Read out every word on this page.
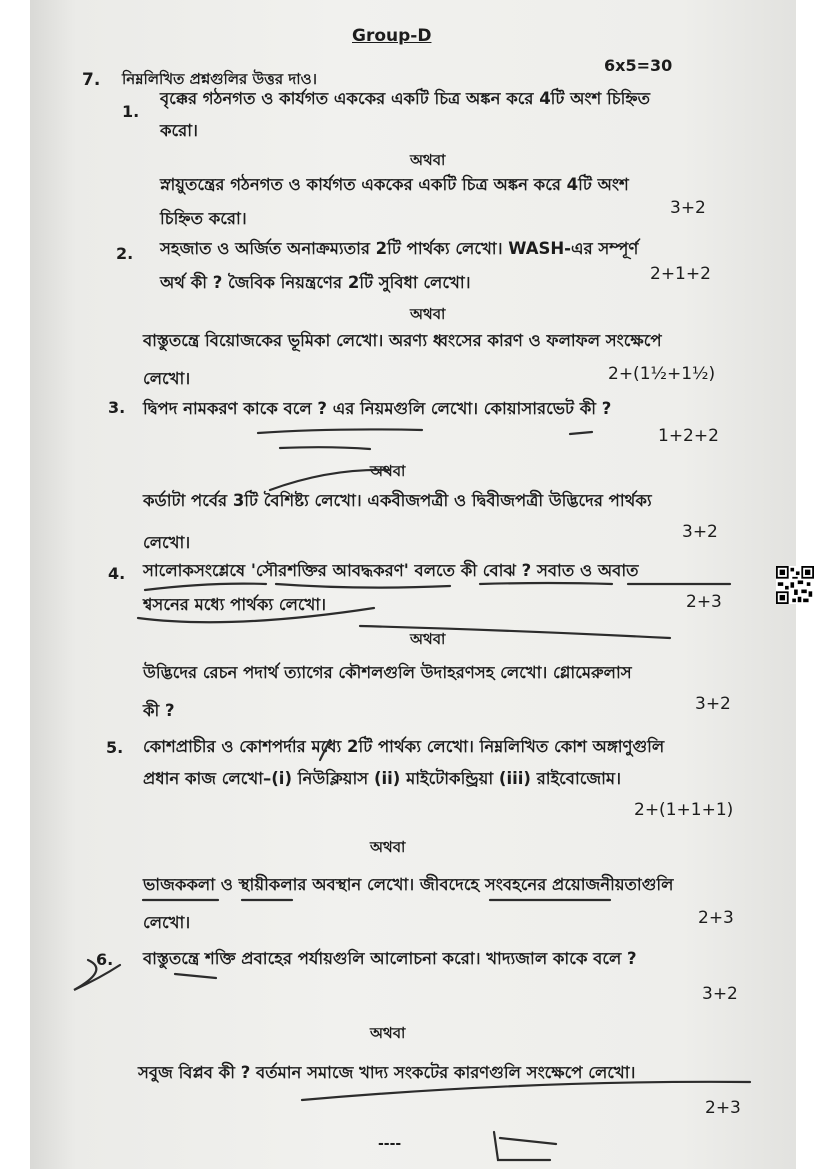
Group-D

7. নিম্নলিখিত প্রশ্নগুলির উত্তর দাও।

6x5=30

1.

বৃক্কের গঠনগত ও কার্যগত এককের একটি চিত্র অঙ্কন করে 4টি অংশ চিহ্নিত

করো।

অথবা

স্নায়ুতন্ত্রের গঠনগত ও কার্যগত এককের একটি চিত্র অঙ্কন করে 4টি অংশ

চিহ্নিত করো।

3+2

2. সহজাত ও অর্জিত অনাক্রম্যতার 2টি পার্থক্য লেখো। WASH-এর সম্পূর্ণ

অর্থ কী ? জৈবিক নিয়ন্ত্রণের 2টি সুবিধা লেখো।	2+1+2

অথবা

বাস্তুতন্ত্রে বিয়োজকের ভূমিকা লেখো। অরণ্য ধ্বংসের কারণ ও ফলাফল সংক্ষেপে

লেখো।	2+(1½+1½)

3. দ্বিপদ নামকরণ কাকে বলে ? এর নিয়মগুলি লেখো। কোয়াসারভেট কী ?

1+2+2

অথবা

কর্ডাটা পর্বের 3টি বৈশিষ্ট্য লেখো। একবীজপত্রী ও দ্বিবীজপত্রী উদ্ভিদের পার্থক্য

লেখো।

3+2

4. সালোকসংশ্লেষে 'সৌরশক্তির আবদ্ধকরণ' বলতে কী বোঝ ? সবাত ও অবাত

শ্বসনের মধ্যে পার্থক্য লেখো।	2+3

অথবা

উদ্ভিদের রেচন পদার্থ ত্যাগের কৌশলগুলি উদাহরণসহ লেখো। গ্লোমেরুলাস

কী ?	3+2

5. কোশপ্রাচীর ও কোশপর্দার মধ্যে 2টি পার্থক্য লেখো। নিম্নলিখিত কোশ অঙ্গাণুগুলি

প্রধান কাজ লেখো–(i) নিউক্লিয়াস (ii) মাইটোকন্ড্রিয়া (iii) রাইবোজোম।

2+(1+1+1)

অথবা

ভাজককলা ও স্থায়ীকলার অবস্থান লেখো। জীবদেহে সংবহনের প্রয়োজনীয়তাগুলি

লেখো।	2+3

6. বাস্তুতন্ত্রে শক্তি প্রবাহের পর্যায়গুলি আলোচনা করো। খাদ্যজাল কাকে বলে ?

3+2

অথবা

সবুজ বিপ্লব কী ? বর্তমান সমাজে খাদ্য সংকটের কারণগুলি সংক্ষেপে লেখো।

2+3

----
